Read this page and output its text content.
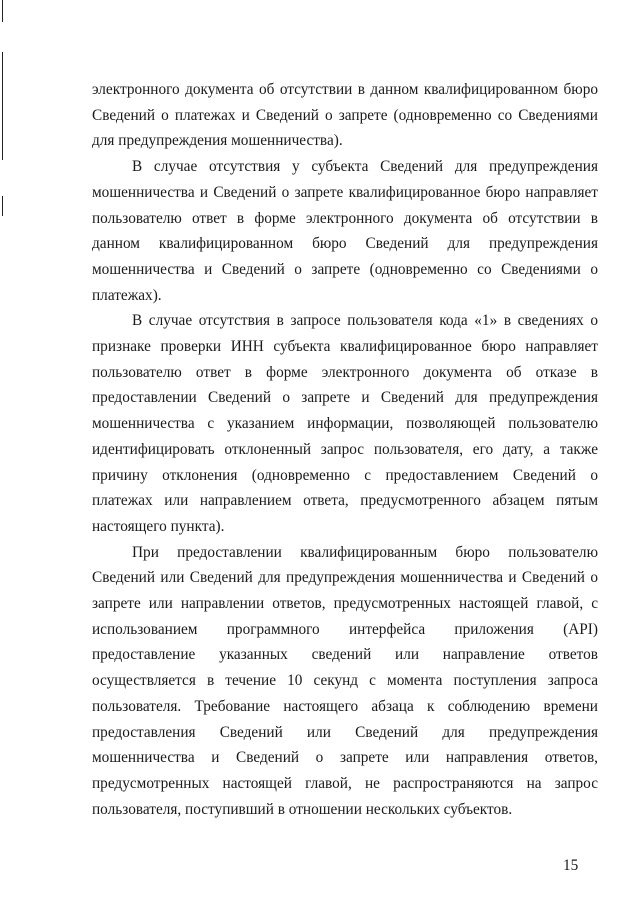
электронного документа об отсутствии в данном квалифицированном бюро Сведений о платежах и Сведений о запрете (одновременно со Сведениями для предупреждения мошенничества).

В случае отсутствия у субъекта Сведений для предупреждения мошенничества и Сведений о запрете квалифицированное бюро направляет пользователю ответ в форме электронного документа об отсутствии в данном квалифицированном бюро Сведений для предупреждения мошенничества и Сведений о запрете (одновременно со Сведениями о платежах).

В случае отсутствия в запросе пользователя кода «1» в сведениях о признаке проверки ИНН субъекта квалифицированное бюро направляет пользователю ответ в форме электронного документа об отказе в предоставлении Сведений о запрете и Сведений для предупреждения мошенничества с указанием информации, позволяющей пользователю идентифицировать отклоненный запрос пользователя, его дату, а также причину отклонения (одновременно с предоставлением Сведений о платежах или направлением ответа, предусмотренного абзацем пятым настоящего пункта).

При предоставлении квалифицированным бюро пользователю Сведений или Сведений для предупреждения мошенничества и Сведений о запрете или направлении ответов, предусмотренных настоящей главой, с использованием программного интерфейса приложения (API) предоставление указанных сведений или направление ответов осуществляется в течение 10 секунд с момента поступления запроса пользователя. Требование настоящего абзаца к соблюдению времени предоставления Сведений или Сведений для предупреждения мошенничества и Сведений о запрете или направления ответов, предусмотренных настоящей главой, не распространяются на запрос пользователя, поступивший в отношении нескольких субъектов.

15
